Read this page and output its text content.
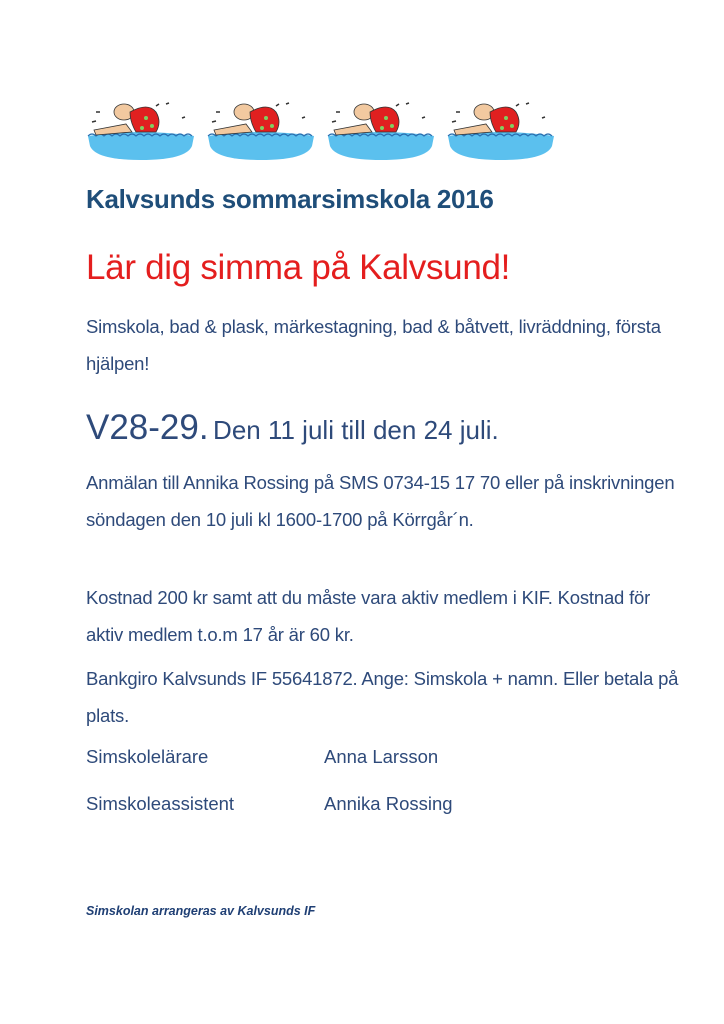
Kalvsunds sommarsimskola 2016
Lär dig simma på Kalvsund!

Simskola, bad & plask, märkestagning, bad & båtvett, livräddning, första hjälpen!

V28-29. Den 11 juli till den 24 juli.

Anmälan till Annika Rossing på SMS 0734-15 17 70 eller på inskrivningen söndagen den 10 juli kl 1600-1700 på Körrgår´n.

Kostnad 200 kr samt att du måste vara aktiv medlem i KIF. Kostnad för aktiv medlem t.o.m 17 år är 60 kr.

Bankgiro Kalvsunds IF 55641872. Ange: Simskola + namn. Eller betala på plats.

Simskolelärare	Anna Larsson
Simskoleassistent	Annika Rossing

Simskolan arrangeras av Kalvsunds IF
